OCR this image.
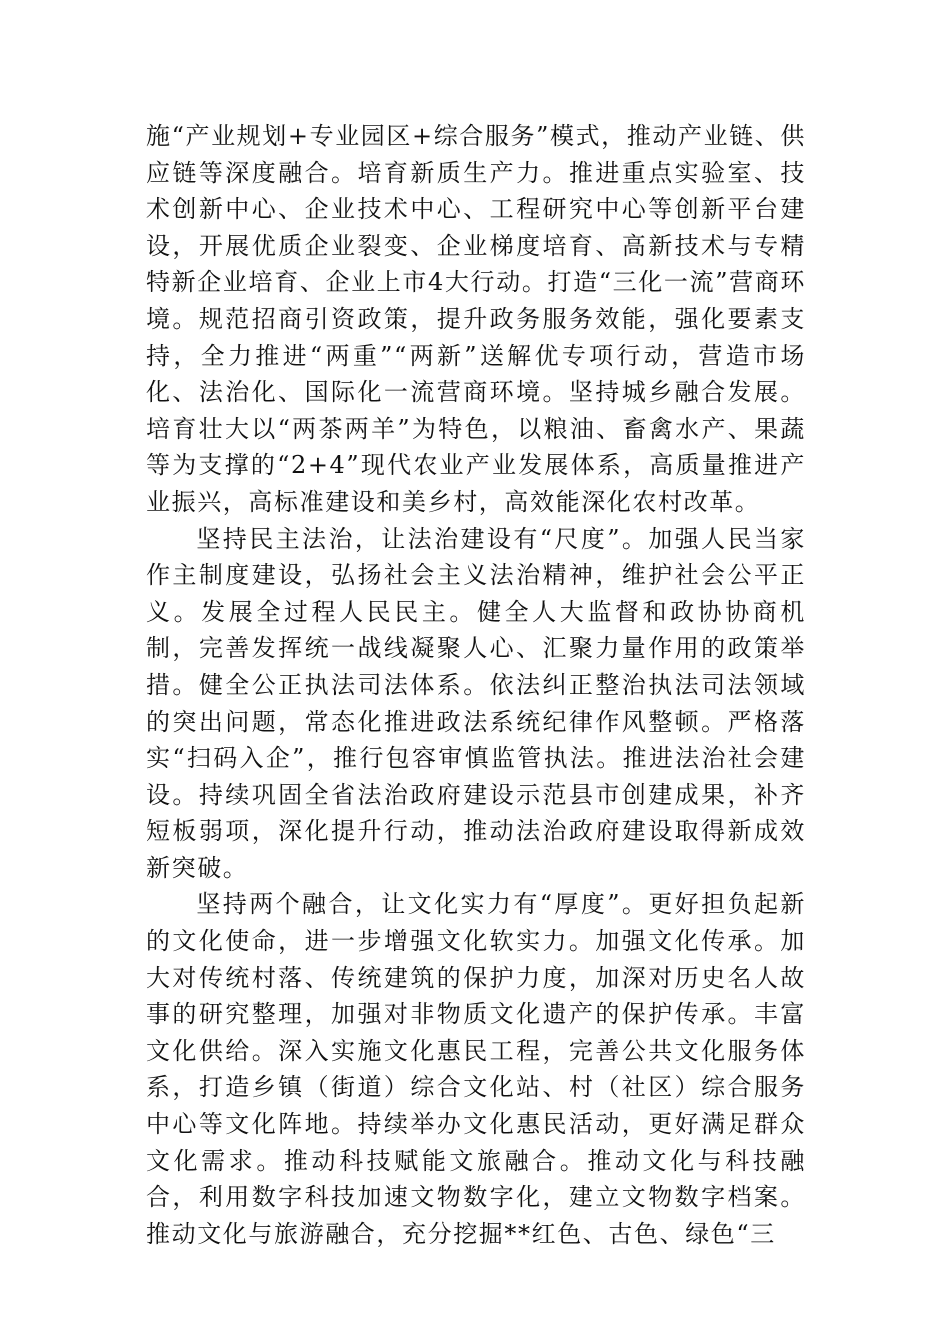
施“产业规划+专业园区+综合服务”模式，推动产业链、供应链等深度融合。培育新质生产力。推进重点实验室、技术创新中心、企业技术中心、工程研究中心等创新平台建设，开展优质企业裂变、企业梯度培育、高新技术与专精特新企业培育、企业上市4大行动。打造“三化一流”营商环境。规范招商引资政策，提升政务服务效能，强化要素支持，全力推进“两重”“两新”送解优专项行动，营造市场化、法治化、国际化一流营商环境。坚持城乡融合发展。培育壮大以“两茶两羊”为特色，以粮油、畜禽水产、果蔬等为支撑的“2+4”现代农业产业发展体系，高质量推进产业振兴，高标准建设和美乡村，高效能深化农村改革。

坚持民主法治，让法治建设有“尺度”。加强人民当家作主制度建设，弘扬社会主义法治精神，维护社会公平正义。发展全过程人民民主。健全人大监督和政协协商机制，完善发挥统一战线凝聚人心、汇聚力量作用的政策举措。健全公正执法司法体系。依法纠正整治执法司法领域的突出问题，常态化推进政法系统纪律作风整顿。严格落实“扫码入企”，推行包容审慎监管执法。推进法治社会建设。持续巩固全省法治政府建设示范县市创建成果，补齐短板弱项，深化提升行动，推动法治政府建设取得新成效新突破。

坚持两个融合，让文化实力有“厚度”。更好担负起新的文化使命，进一步增强文化软实力。加强文化传承。加大对传统村落、传统建筑的保护力度，加深对历史名人故事的研究整理，加强对非物质文化遗产的保护传承。丰富文化供给。深入实施文化惠民工程，完善公共文化服务体系，打造乡镇（街道）综合文化站、村（社区）综合服务中心等文化阵地。持续举办文化惠民活动，更好满足群众文化需求。推动科技赋能文旅融合。推动文化与科技融合，利用数字科技加速文物数字化，建立文物数字档案。推动文化与旅游融合，充分挖掘**红色、古色、绿色“三
